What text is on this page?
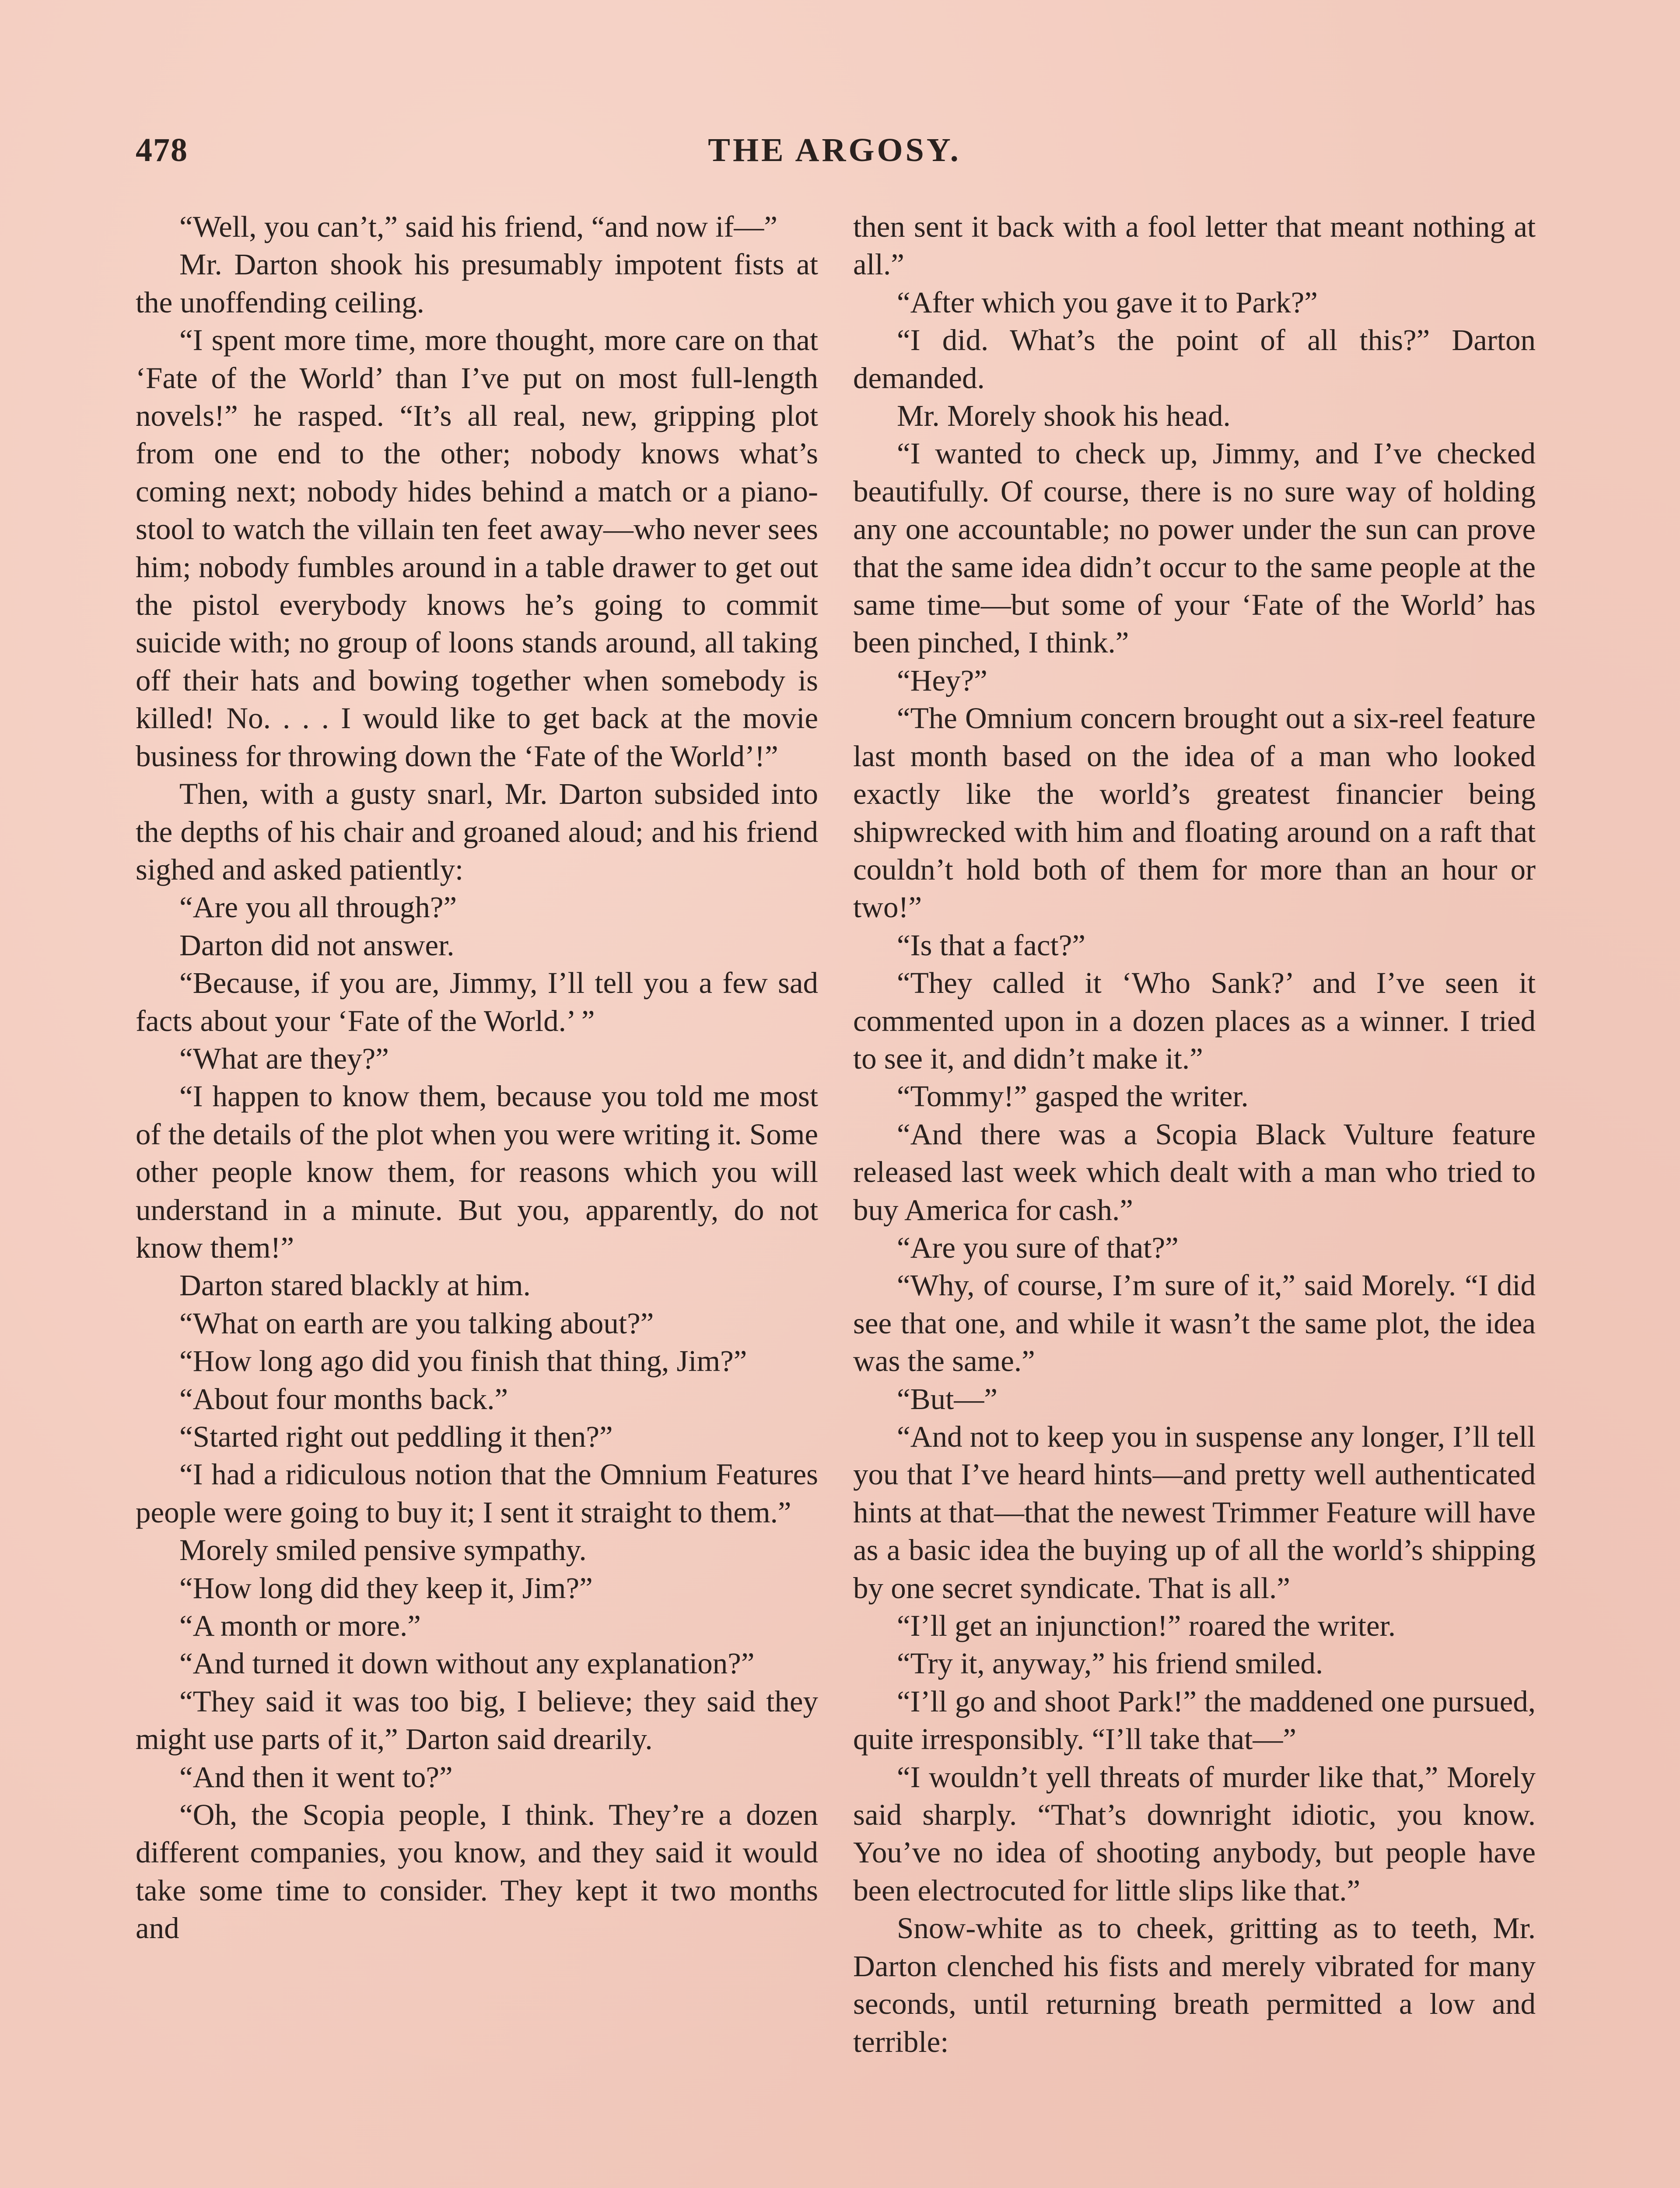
478	THE ARGOSY.

“Well, you can’t,” said his friend, “and now if—”

Mr. Darton shook his presumably impotent fists at the unoffending ceiling.

“I spent more time, more thought, more care on that ‘Fate of the World’ than I’ve put on most full-length novels!” he rasped. “It’s all real, new, gripping plot from one end to the other; nobody knows what’s coming next; nobody hides behind a match or a piano-stool to watch the villain ten feet away—who never sees him; nobody fumbles around in a table drawer to get out the pistol everybody knows he’s going to commit suicide with; no group of loons stands around, all taking off their hats and bowing together when somebody is killed! No. . . . I would like to get back at the movie business for throwing down the ‘Fate of the World’!”

Then, with a gusty snarl, Mr. Darton subsided into the depths of his chair and groaned aloud; and his friend sighed and asked patiently:

“Are you all through?”

Darton did not answer.

“Because, if you are, Jimmy, I’ll tell you a few sad facts about your ‘Fate of the World.’ ”

“What are they?”

“I happen to know them, because you told me most of the details of the plot when you were writing it. Some other people know them, for reasons which you will understand in a minute. But you, apparently, do not know them!”

Darton stared blackly at him.

“What on earth are you talking about?”

“How long ago did you finish that thing, Jim?”

“About four months back.”

“Started right out peddling it then?”

“I had a ridiculous notion that the Omnium Features people were going to buy it; I sent it straight to them.”

Morely smiled pensive sympathy.

“How long did they keep it, Jim?”

“A month or more.”

“And turned it down without any explanation?”

“They said it was too big, I believe; they said they might use parts of it,” Darton said drearily.

“And then it went to?”

“Oh, the Scopia people, I think. They’re a dozen different companies, you know, and they said it would take some time to consider. They kept it two months and

then sent it back with a fool letter that meant nothing at all.”

“After which you gave it to Park?”

“I did. What’s the point of all this?” Darton demanded.

Mr. Morely shook his head.

“I wanted to check up, Jimmy, and I’ve checked beautifully. Of course, there is no sure way of holding any one accountable; no power under the sun can prove that the same idea didn’t occur to the same people at the same time—but some of your ‘Fate of the World’ has been pinched, I think.”

“Hey?”

“The Omnium concern brought out a six-reel feature last month based on the idea of a man who looked exactly like the world’s greatest financier being shipwrecked with him and floating around on a raft that couldn’t hold both of them for more than an hour or two!”

“Is that a fact?”

“They called it ‘Who Sank?’ and I’ve seen it commented upon in a dozen places as a winner. I tried to see it, and didn’t make it.”

“Tommy!” gasped the writer.

“And there was a Scopia Black Vulture feature released last week which dealt with a man who tried to buy America for cash.”

“Are you sure of that?”

“Why, of course, I’m sure of it,” said Morely. “I did see that one, and while it wasn’t the same plot, the idea was the same.”

“But—”

“And not to keep you in suspense any longer, I’ll tell you that I’ve heard hints—and pretty well authenticated hints at that—that the newest Trimmer Feature will have as a basic idea the buying up of all the world’s shipping by one secret syndicate. That is all.”

“I’ll get an injunction!” roared the writer.

“Try it, anyway,” his friend smiled.

“I’ll go and shoot Park!” the maddened one pursued, quite irresponsibly. “I’ll take that—”

“I wouldn’t yell threats of murder like that,” Morely said sharply. “That’s downright idiotic, you know. You’ve no idea of shooting anybody, but people have been electrocuted for little slips like that.”

Snow-white as to cheek, gritting as to teeth, Mr. Darton clenched his fists and merely vibrated for many seconds, until returning breath permitted a low and terrible:
